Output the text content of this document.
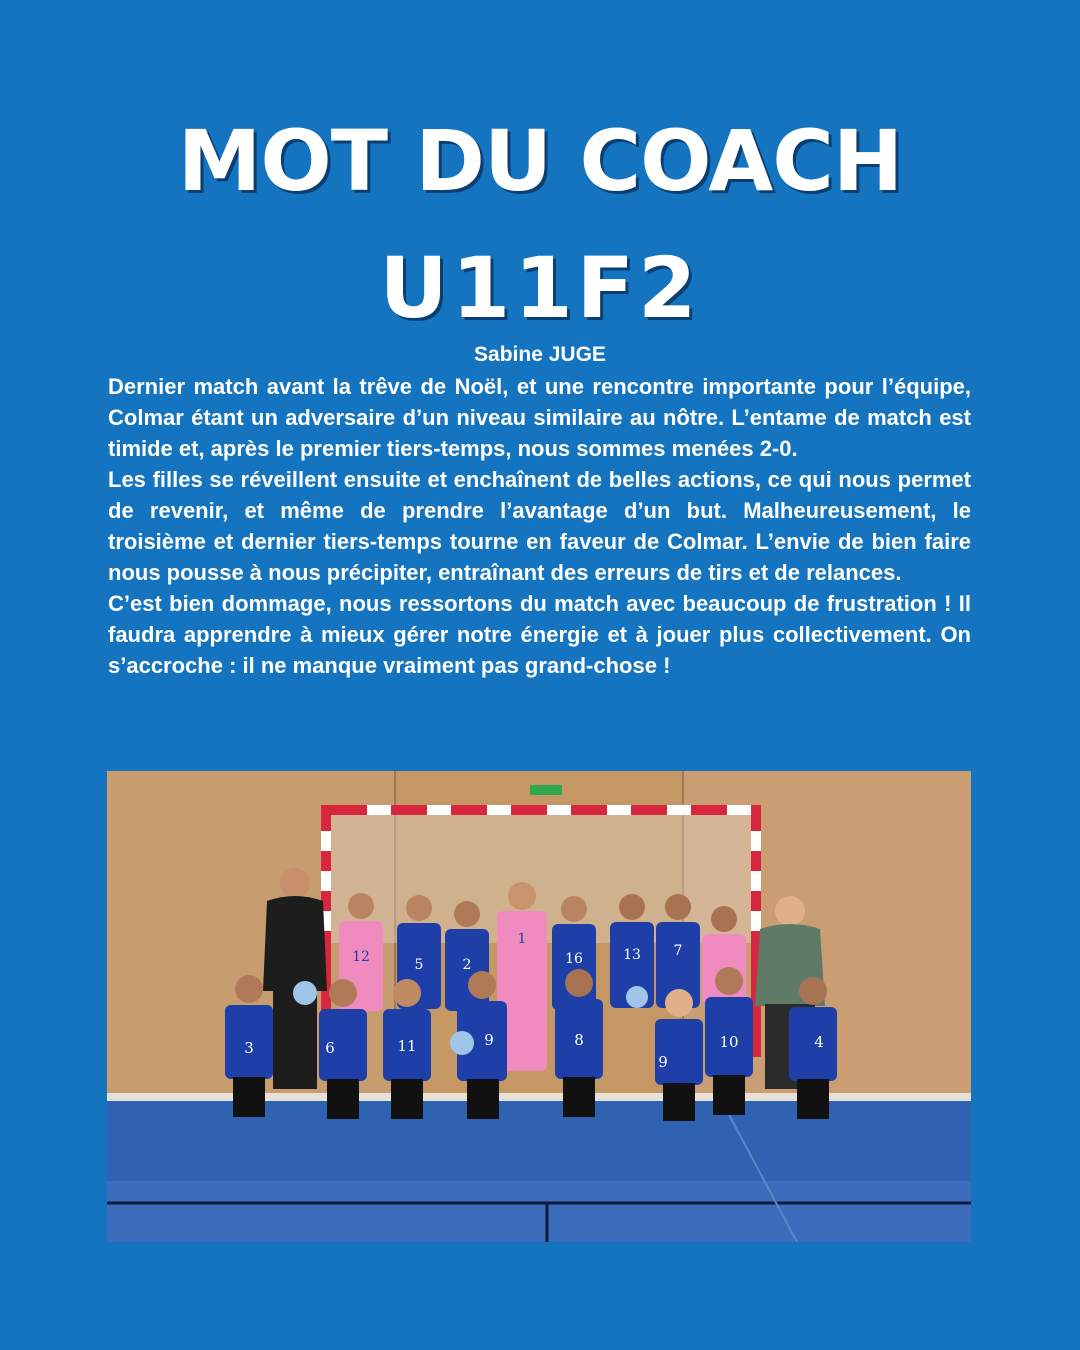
MOT DU COACH
U11F2
Sabine JUGE

Dernier match avant la trêve de Noël, et une rencontre importante pour l’équipe, Colmar étant un adversaire d’un niveau similaire au nôtre. L’entame de match est timide et, après le premier tiers-temps, nous sommes menées 2-0.

Les filles se réveillent ensuite et enchaînent de belles actions, ce qui nous permet de revenir, et même de prendre l’avantage d’un but. Malheureusement, le troisième et dernier tiers-temps tourne en faveur de Colmar. L’envie de bien faire nous pousse à nous précipiter, entraînant des erreurs de tirs et de relances.

C’est bien dommage, nous ressortons du match avec beaucoup de frustration ! Il faudra apprendre à mieux gérer notre énergie et à jouer plus collectivement. On s’accroche : il ne manque vraiment pas grand-chose !

12	5	2
1
16	13 7
3	6	11	9	8
9
10	4
